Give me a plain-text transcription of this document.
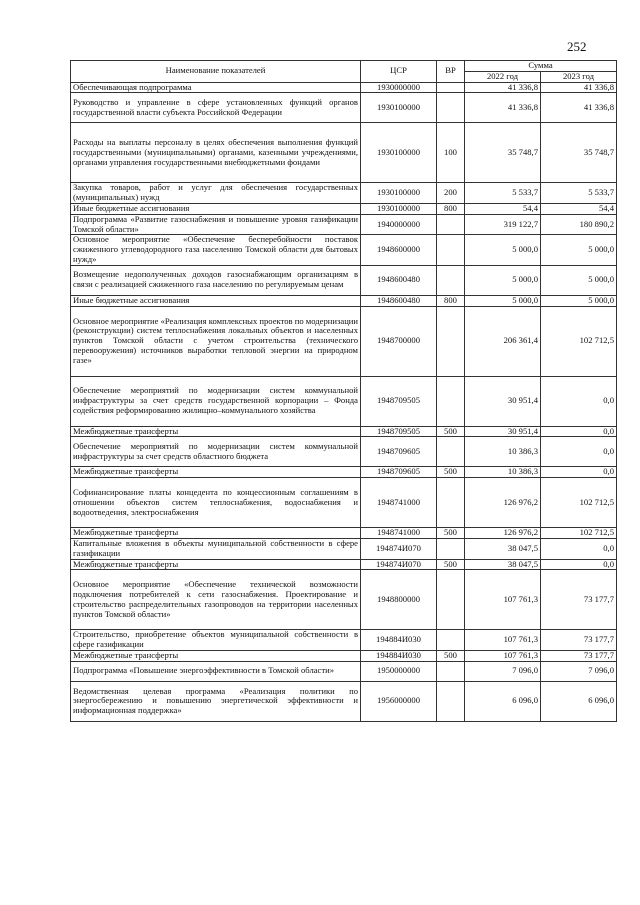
252
Наименование показателей	ЦСР	ВР	Сумма	
			2022 год	2023 год
Обеспечивающая подпрограмма	1930000000		41 336,8	41 336,8
Руководство и управление в сфере установленных функций органов государственной власти субъекта Российской Федерации	1930100000		41 336,8	41 336,8
Расходы на выплаты персоналу в целях обеспечения выполнения функций государственными (муниципальными) органами, казенными учреждениями, органами управления государственными внебюджетными фондами	1930100000	100	35 748,7	35 748,7
Закупка товаров, работ и услуг для обеспечения государственных (муниципальных) нужд	1930100000	200	5 533,7	5 533,7
Иные бюджетные ассигнования	1930100000	800	54,4	54,4
Подпрограмма «Развитие газоснабжения и повышение уровня газификации Томской области»	1940000000		319 122,7	180 890,2
Основное мероприятие «Обеспечение бесперебойности поставок сжиженного углеводородного газа населению Томской области для бытовых нужд»	1948600000		5 000,0	5 000,0
Возмещение недополученных доходов газоснабжающим организациям в связи с реализацией сжиженного газа населению по регулируемым ценам	1948600480		5 000,0	5 000,0
Иные бюджетные ассигнования	1948600480	800	5 000,0	5 000,0
Основное мероприятие «Реализация комплексных проектов по модернизации (реконструкции) систем теплоснабжения локальных объектов и населенных пунктов Томской области с учетом строительства (технического перевооружения) источников выработки тепловой энергии на природном газе»	1948700000		206 361,4	102 712,5
Обеспечение мероприятий по модернизации систем коммунальной инфраструктуры за счет средств государственной корпорации – Фонда содействия реформированию жилищно–коммунального хозяйства	1948709505		30 951,4	0,0
Межбюджетные трансферты	1948709505	500	30 951,4	0,0
Обеспечение мероприятий по модернизации систем коммунальной инфраструктуры за счет средств областного бюджета	1948709605		10 386,3	0,0
Межбюджетные трансферты	1948709605	500	10 386,3	0,0
Софинансирование платы концедента по концессионным соглашениям в отношении объектов систем теплоснабжения, водоснабжения и водоотведения, электроснабжения	1948741000		126 976,2	102 712,5
Межбюджетные трансферты	1948741000	500	126 976,2	102 712,5
Капитальные вложения в объекты муниципальной собственности в сфере газификации	194874И070		38 047,5	0,0
Межбюджетные трансферты	194874И070	500	38 047,5	0,0
Основное мероприятие «Обеспечение технической возможности подключения потребителей к сети газоснабжения. Проектирование и строительство распределительных газопроводов на территории населенных пунктов Томской области»	1948800000		107 761,3	73 177,7
Строительство, приобретение объектов муниципальной собственности в сфере газификации	194884И030		107 761,3	73 177,7
Межбюджетные трансферты	194884И030	500	107 761,3	73 177,7
Подпрограмма «Повышение энергоэффективности в Томской области»	1950000000		7 096,0	7 096,0
Ведомственная целевая программа «Реализация политики по энергосбережению и повышению энергетической эффективности и информационная поддержка»	1956000000		6 096,0	6 096,0
